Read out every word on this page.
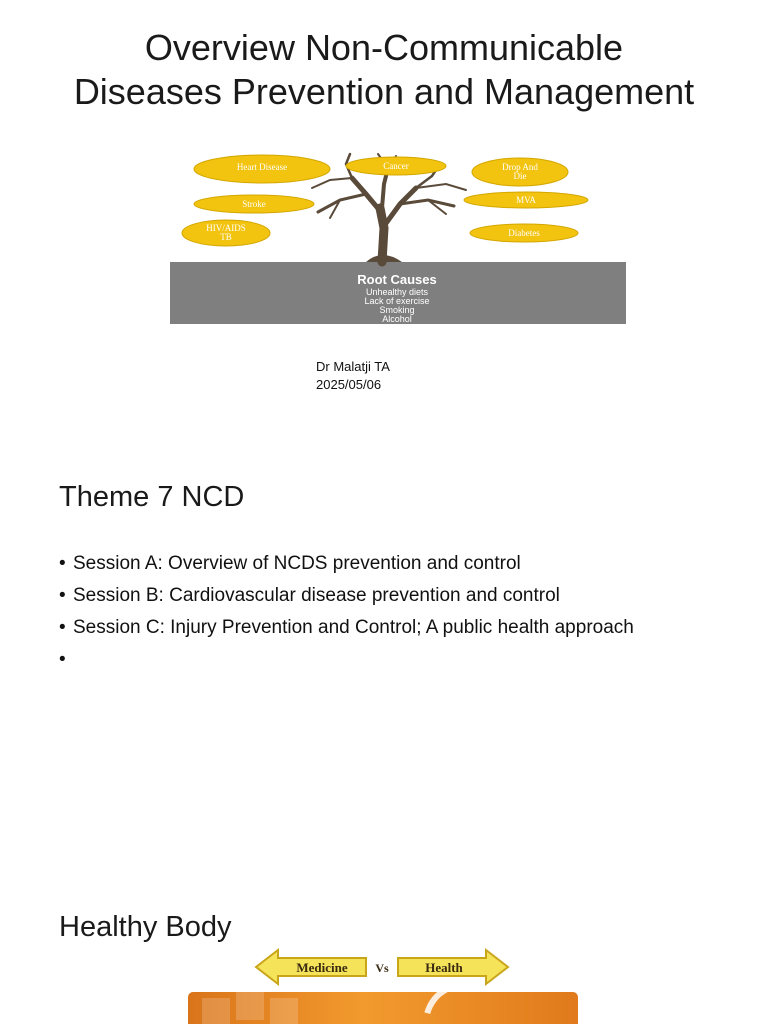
Overview Non-Communicable
Diseases Prevention and Management
Heart Disease	Cancer	Drop And
Die
Stroke	MVA
HIV/AIDS
TB	Diabetes
Root Causes
Unhealthy diets
Lack of exercise
Smoking
Alcohol
Dr Malatji TA
2025/05/06
Theme 7 NCD
• Session A: Overview of NCDS prevention and control
• Session B: Cardiovascular disease prevention and control
• Session C: Injury Prevention and Control; A public health approach
•
Healthy Body
Medicine Vs	Health
